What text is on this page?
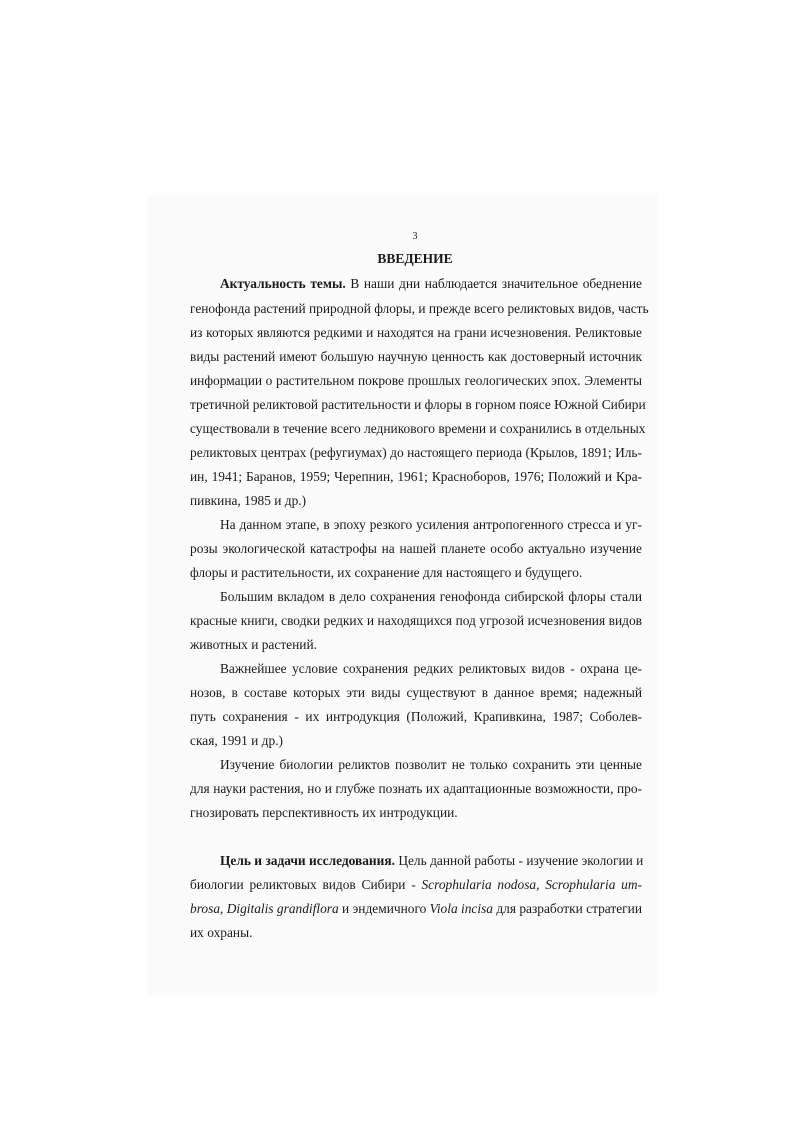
3
ВВЕДЕНИЕ
Актуальность темы. В наши дни наблюдается значительное обеднение
генофонда растений природной флоры, и прежде всего реликтовых видов, часть
из которых являются редкими и находятся на грани исчезновения. Реликтовые
виды растений имеют большую научную ценность как достоверный источник
информации о растительном покрове прошлых геологических эпох. Элементы
третичной реликтовой растительности и флоры в горном поясе Южной Сибири
существовали в течение всего ледникового времени и сохранились в отдельных
реликтовых центрах (рефугиумах) до настоящего периода (Крылов, 1891; Иль-
ин, 1941; Баранов, 1959; Черепнин, 1961; Красноборов, 1976; Положий и Кра-
пивкина, 1985 и др.)
На данном этапе, в эпоху резкого усиления антропогенного стресса и уг-
розы экологической катастрофы на нашей планете особо актуально изучение
флоры и растительности, их сохранение для настоящего и будущего.
Большим вкладом в дело сохранения генофонда сибирской флоры стали
красные книги, сводки редких и находящихся под угрозой исчезновения видов
животных и растений.
Важнейшее условие сохранения редких реликтовых видов - охрана це-
нозов, в составе которых эти виды существуют в данное время; надежный
путь сохранения - их интродукция (Положий, Крапивкина, 1987; Соболев-
ская, 1991 и др.)
Изучение биологии реликтов позволит не только сохранить эти ценные
для науки растения, но и глубже познать их адаптационные возможности, про-
гнозировать перспективность их интродукции.
Цель и задачи исследования. Цель данной работы - изучение экологии и
биологии реликтовых видов Сибири - Scrophularia nodosa, Scrophularia um-
brosa, Digitalis grandiflora и эндемичного Viola incisa для разработки стратегии
их охраны.
